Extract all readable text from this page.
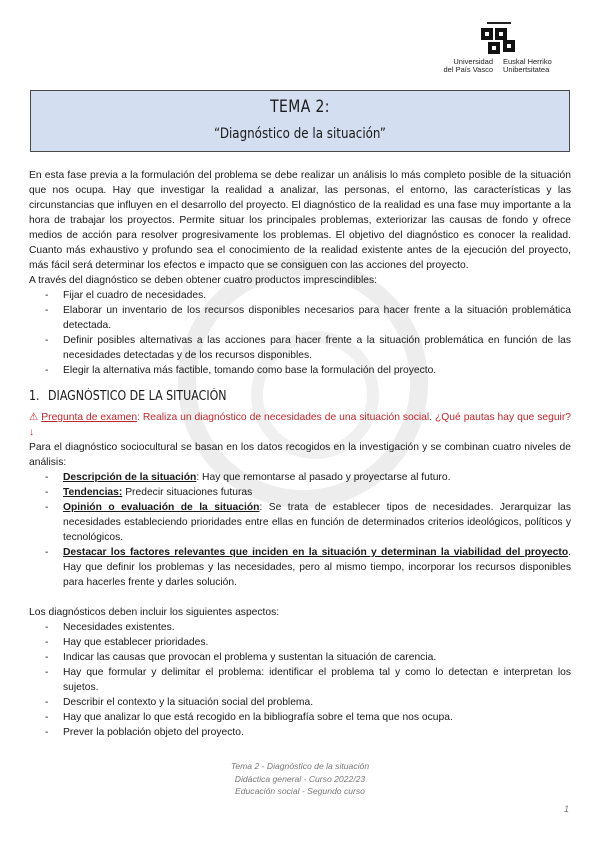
Universidad
del País Vasco
Euskal Herriko
Unibertsitatea
TEMA 2:
“Diagnóstico de la situación”

En esta fase previa a la formulación del problema se debe realizar un análisis lo más completo posible de la situación que nos ocupa. Hay que investigar la realidad a analizar, las personas, el entorno, las características y las circunstancias que influyen en el desarrollo del proyecto. El diagnóstico de la realidad es una fase muy importante a la hora de trabajar los proyectos. Permite situar los principales problemas, exteriorizar las causas de fondo y ofrece medios de acción para resolver progresivamente los problemas. El objetivo del diagnóstico es conocer la realidad. Cuanto más exhaustivo y profundo sea el conocimiento de la realidad existente antes de la ejecución del proyecto, más fácil será determinar los efectos e impacto que se consiguen con las acciones del proyecto.

A través del diagnóstico se deben obtener cuatro productos imprescindibles:

- Fijar el cuadro de necesidades.
- Elaborar un inventario de los recursos disponibles necesarios para hacer frente a la situación problemática detectada.
- Definir posibles alternativas a las acciones para hacer frente a la situación problemática en función de las necesidades detectadas y de los recursos disponibles.
- Elegir la alternativa más factible, tomando como base la formulación del proyecto.
1. DIAGNÓSTICO DE LA SITUACIÓN

⚠ Pregunta de examen: Realiza un diagnóstico de necesidades de una situación social. ¿Qué pautas hay que seguir? ↓

Para el diagnóstico sociocultural se basan en los datos recogidos en la investigación y se combinan cuatro niveles de análisis:

- Descripción de la situación: Hay que remontarse al pasado y proyectarse al futuro.
- Tendencias: Predecir situaciones futuras
- Opinión o evaluación de la situación: Se trata de establecer tipos de necesidades. Jerarquizar las necesidades estableciendo prioridades entre ellas en función de determinados criterios ideológicos, políticos y tecnológicos.
- Destacar los factores relevantes que inciden en la situación y determinan la viabilidad del proyecto. Hay que definir los problemas y las necesidades, pero al mismo tiempo, incorporar los recursos disponibles para hacerles frente y darles solución.

Los diagnósticos deben incluir los siguientes aspectos:

- Necesidades existentes.
- Hay que establecer prioridades.
- Indicar las causas que provocan el problema y sustentan la situación de carencia.
- Hay que formular y delimitar el problema: identificar el problema tal y como lo detectan e interpretan los sujetos.
- Describir el contexto y la situación social del problema.
- Hay que analizar lo que está recogido en la bibliografía sobre el tema que nos ocupa.
- Prever la población objeto del proyecto.
Tema 2 - Diagnóstico de la situación
Didáctica general - Curso 2022/23
Educación social - Segundo curso
1
